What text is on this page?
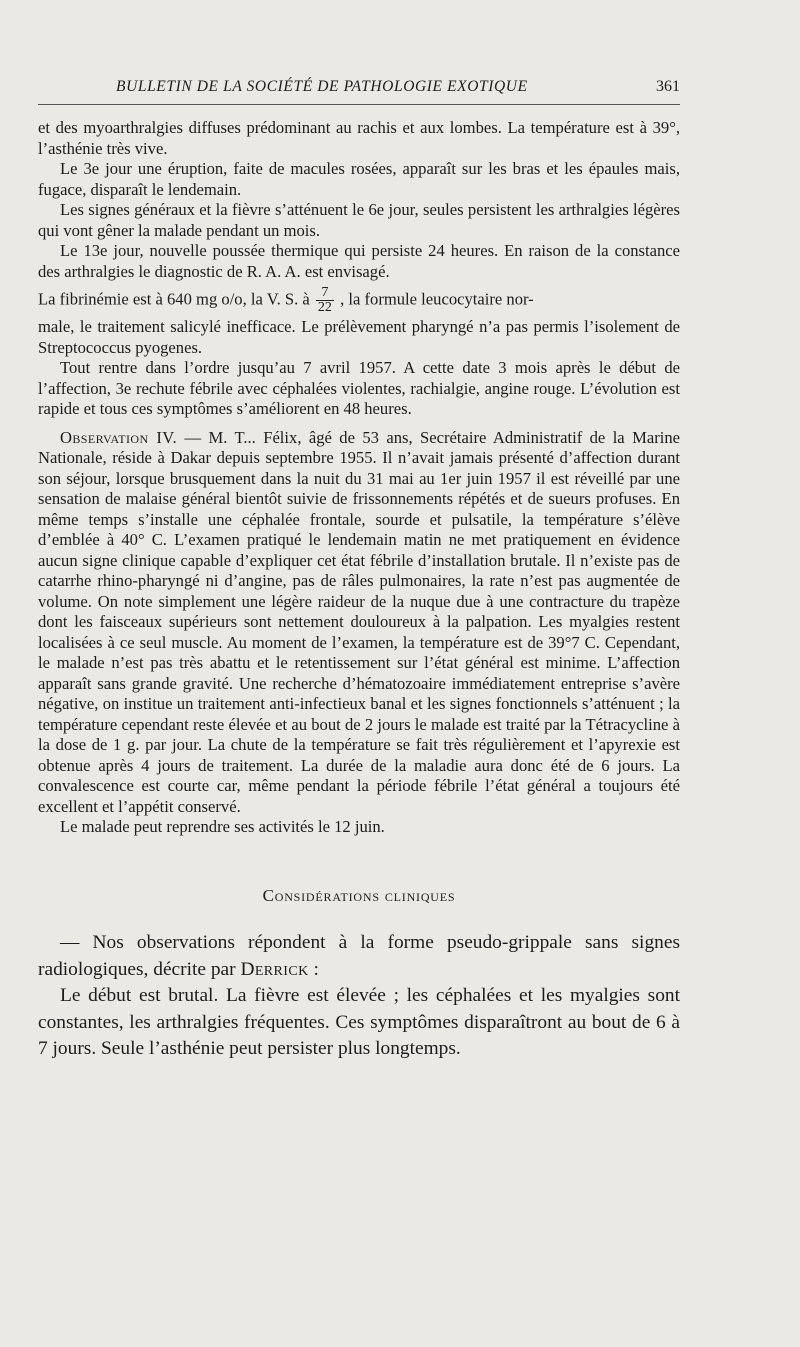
BULLETIN DE LA SOCIÉTÉ DE PATHOLOGIE EXOTIQUE	361

et des myoarthralgies diffuses prédominant au rachis et aux lombes. La température est à 39°, l’asthénie très vive.

Le 3e jour une éruption, faite de macules rosées, apparaît sur les bras et les épaules mais, fugace, disparaît le lendemain.

Les signes généraux et la fièvre s’atténuent le 6e jour, seules persistent les arthralgies légères qui vont gêner la malade pendant un mois.

Le 13e jour, nouvelle poussée thermique qui persiste 24 heures. En raison de la constance des arthralgies le diagnostic de R. A. A. est envisagé.

La fibrinémie est à 640 mg o/o, la V. S. à $\frac{7}{22}$ , la formule leucocytaire nor-

male, le traitement salicylé inefficace. Le prélèvement pharyngé n’a pas permis l’isolement de Streptococcus pyogenes.

Tout rentre dans l’ordre jusqu’au 7 avril 1957. A cette date 3 mois après le début de l’affection, 3e rechute fébrile avec céphalées violentes, rachialgie, angine rouge. L’évolution est rapide et tous ces symptômes s’améliorent en 48 heures.

Observation IV. — M. T... Félix, âgé de 53 ans, Secrétaire Administratif de la Marine Nationale, réside à Dakar depuis septembre 1955. Il n’avait jamais présenté d’affection durant son séjour, lorsque brusquement dans la nuit du 31 mai au 1er juin 1957 il est réveillé par une sensation de malaise général bientôt suivie de frissonnements répétés et de sueurs profuses. En même temps s’installe une céphalée frontale, sourde et pulsatile, la température s’élève d’emblée à 40° C. L’examen pratiqué le lendemain matin ne met pratiquement en évidence aucun signe clinique capable d’expliquer cet état fébrile d’installation brutale. Il n’existe pas de catarrhe rhino-pharyngé ni d’angine, pas de râles pulmonaires, la rate n’est pas augmentée de volume. On note simplement une légère raideur de la nuque due à une contracture du trapèze dont les faisceaux supérieurs sont nettement douloureux à la palpation. Les myalgies restent localisées à ce seul muscle. Au moment de l’examen, la température est de 39°7 C. Cependant, le malade n’est pas très abattu et le retentissement sur l’état général est minime. L’affection apparaît sans grande gravité. Une recherche d’hématozoaire immédiatement entreprise s’avère négative, on institue un traitement anti-infectieux banal et les signes fonctionnels s’atténuent ; la température cependant reste élevée et au bout de 2 jours le malade est traité par la Tétracycline à la dose de 1 g. par jour. La chute de la température se fait très régulièrement et l’apyrexie est obtenue après 4 jours de traitement. La durée de la maladie aura donc été de 6 jours. La convalescence est courte car, même pendant la période fébrile l’état général a toujours été excellent et l’appétit conservé.

Le malade peut reprendre ses activités le 12 juin.

Considérations cliniques

— Nos observations répondent à la forme pseudo-grippale sans signes radiologiques, décrite par Derrick :

Le début est brutal. La fièvre est élevée ; les céphalées et les myalgies sont constantes, les arthralgies fréquentes. Ces symptômes disparaîtront au bout de 6 à 7 jours. Seule l’asthénie peut persister plus longtemps.
